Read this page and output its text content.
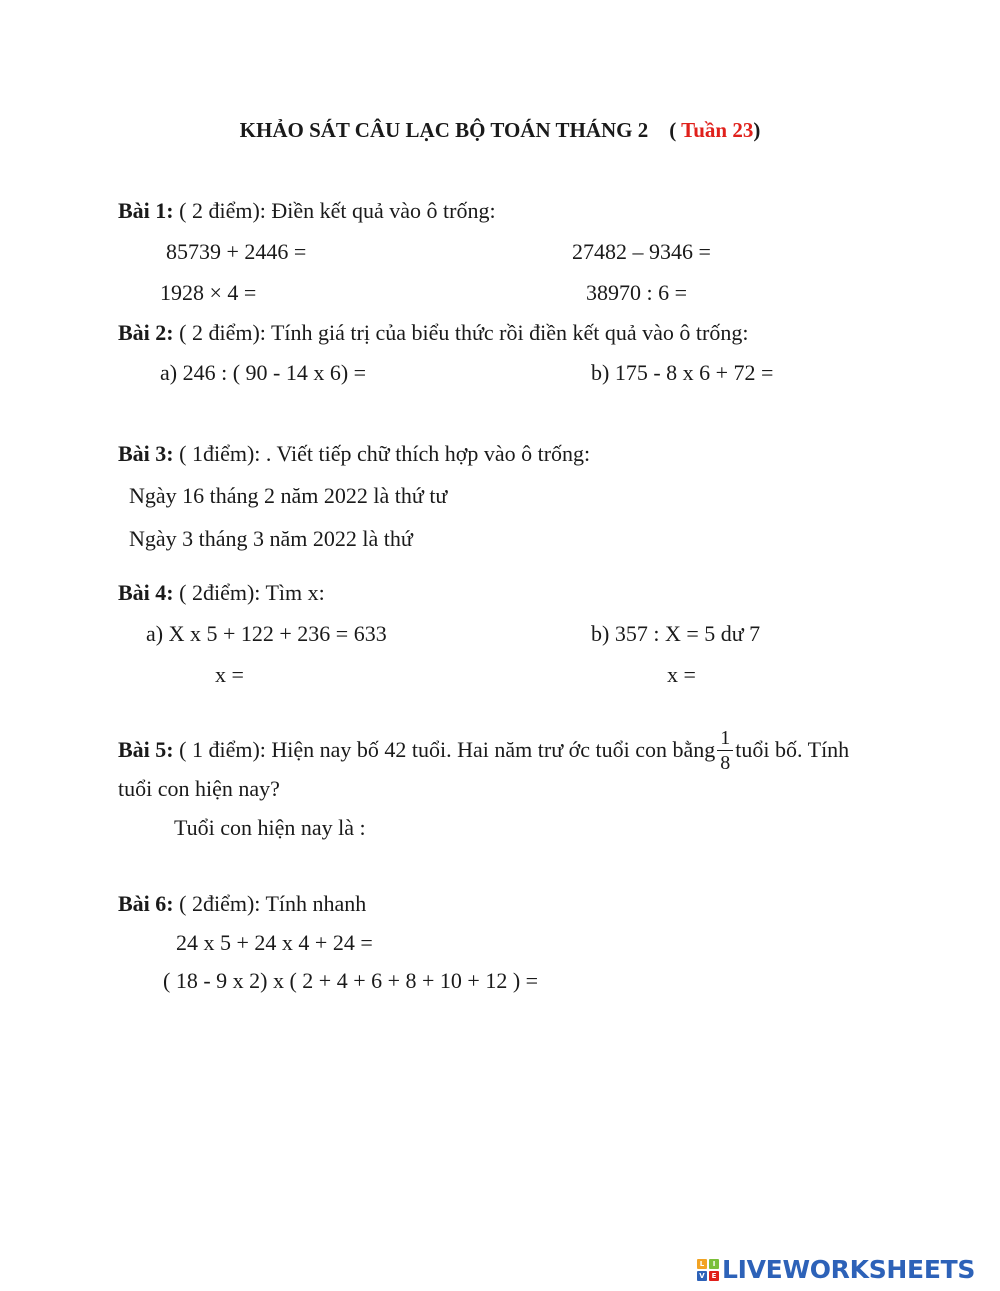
KHẢO SÁT CÂU LẠC BỘ TOÁN THÁNG 2 ( Tuần 23)
Bài 1: ( 2 điểm): Điền kết quả vào ô trống:
85739 + 2446 =	27482 – 9346 =
1928 × 4 =	38970 : 6 =
Bài 2: ( 2 điểm): Tính giá trị của biểu thức rồi điền kết quả vào ô trống:
a) 246 : ( 90 - 14 x 6) =	b) 175 - 8 x 6 + 72 =
Bài 3: ( 1điểm): . Viết tiếp chữ thích hợp vào ô trống:
Ngày 16 tháng 2 năm 2022 là thứ tư
Ngày 3 tháng 3 năm 2022 là thứ
Bài 4: ( 2điểm): Tìm x:
a) X x 5 + 122 + 236 = 633	b) 357 : X = 5 dư 7
x =	x =
Bài 5:
( 1 điểm): Hiện nay bố 42 tuổi. Hai năm trư ớc tuổi con bằng $\frac{1}{8}$ tuổi bố. Tính
tuổi con hiện nay?
Tuổi con hiện nay là :
Bài 6: ( 2điểm): Tính nhanh
24 x 5 + 24 x 4 + 24 =
( 18 - 9 x 2) x ( 2 + 4 + 6 + 8 + 10 + 12 ) =
L	I
V E LIVEWORKSHEETS
